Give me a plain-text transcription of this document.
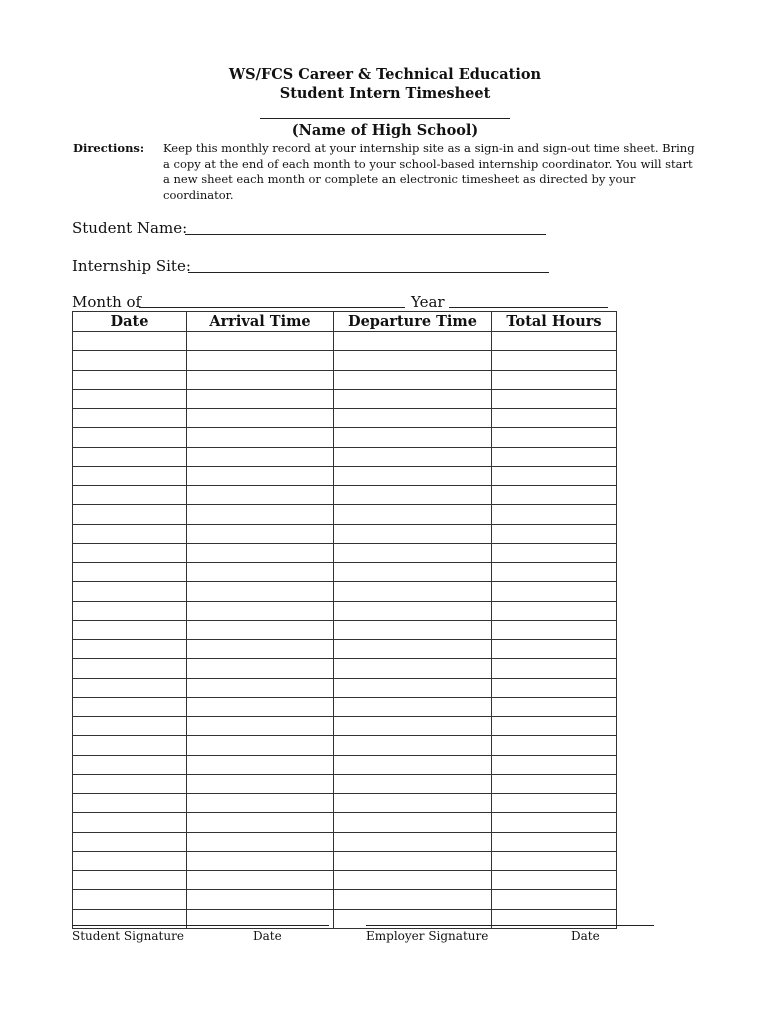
WS/FCS Career & Technical Education
Student Intern Timesheet
(Name of High School)
Directions: Keep this monthly record at your internship site as a sign-in and sign-out time sheet. Bring a copy at the end of each month to your school-based internship coordinator. You will start a new sheet each month or complete an electronic timesheet as directed by your coordinator.
Student Name:
Internship Site:
Month of	Year
Date	Arrival Time	Departure Time	Total Hours

Student Signature	Date	Employer Signature	Date
